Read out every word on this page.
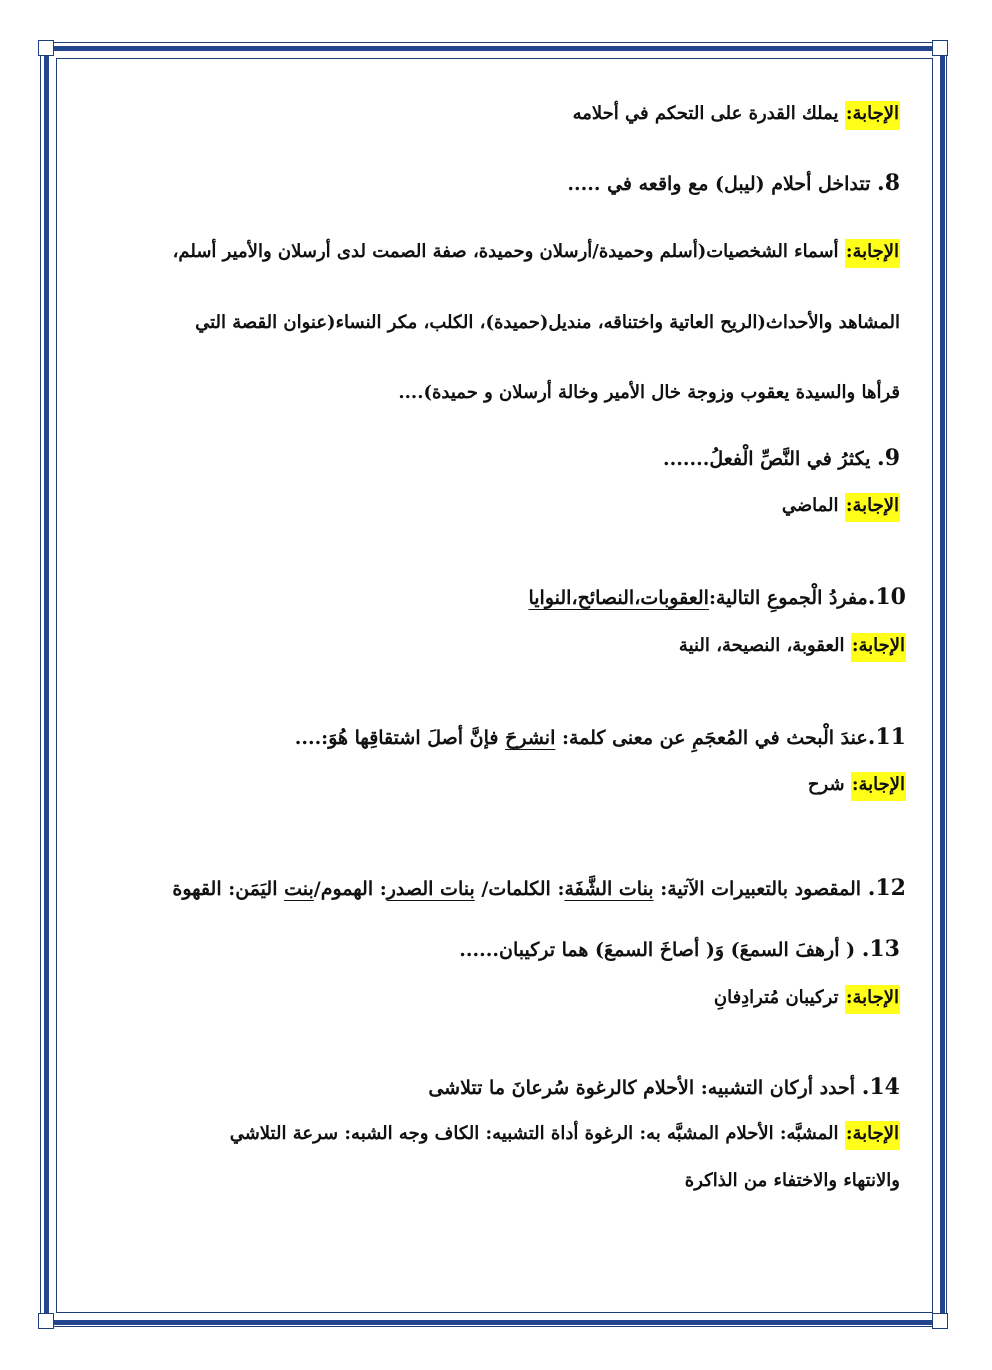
الإجابة: يملك القدرة على التحكم في أحلامه
8. تتداخل أحلام (ليبل) مع واقعه في .....
الإجابة: أسماء الشخصيات(أسلم وحميدة/أرسلان وحميدة، صفة الصمت لدى أرسلان والأمير أسلم،
المشاهد والأحداث(الريح العاتية واختناقه، منديل(حميدة)، الكلب، مكر النساء(عنوان القصة التي
قرأها والسيدة يعقوب وزوجة خال الأمير وخالة أرسلان و حميدة)....
9. يكثرُ في النَّصِّ الْفعلُ.......
الإجابة: الماضي
10.مفردُ الْجموعِ التالية:العقوبات،النصائح،النوايا
الإجابة: العقوبة، النصيحة، النية
11.عندَ الْبحث في المُعجَمِ عن معنى كلمة: انشرحَ فإنَّ أصلَ اشتقاقِها هُوَ:....
الإجابة: شرح
12. المقصود بالتعبيرات الآتية: بنات الشَّفَة: الكلمات/ بنات الصدر: الهموم/بنت اليَمَن: القهوة
13. ( أرهفَ السمعَ) وَ( أصاخَ السمعَ) هما تركيبان......
الإجابة: تركيبان مُترادِفانِ
14. أحدد أركان التشبيه: الأحلام كالرغوة سُرعانَ ما تتلاشى
الإجابة: المشبَّه: الأحلام المشبَّه به: الرغوة أداة التشبيه: الكاف وجه الشبه: سرعة التلاشي
والانتهاء والاختفاء من الذاكرة
